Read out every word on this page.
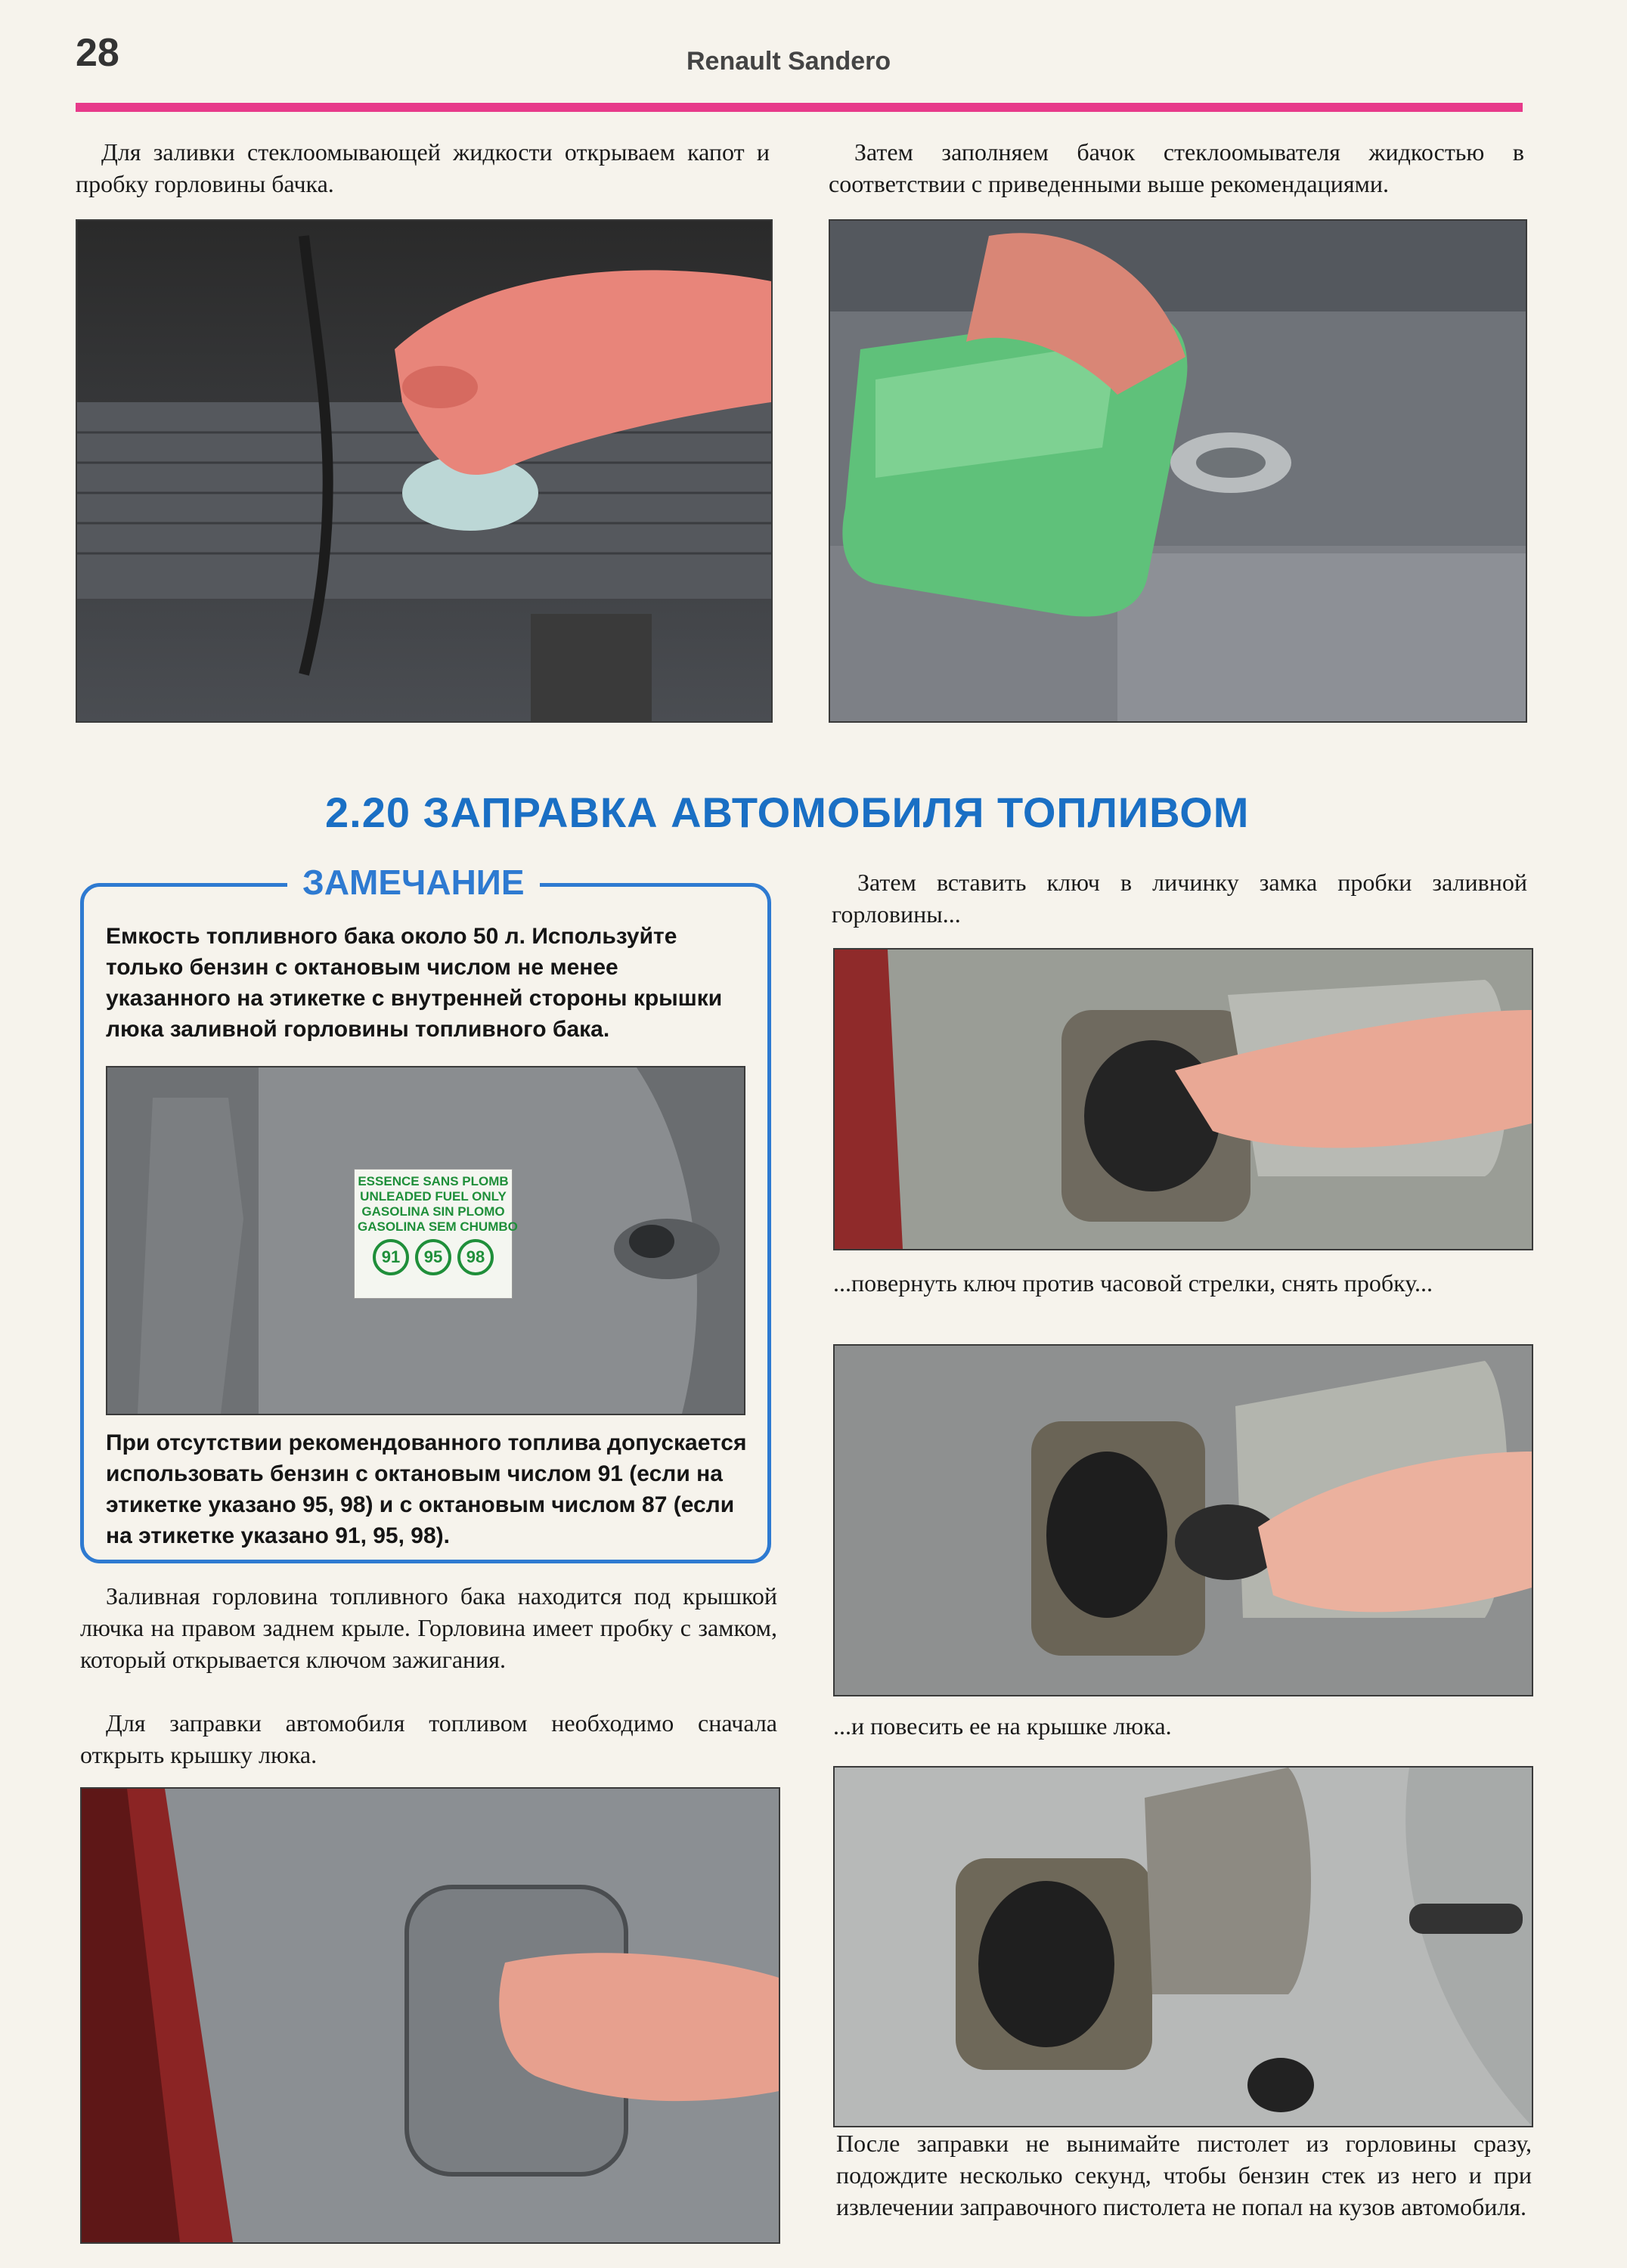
28	Renault Sandero

Для заливки стеклоомывающей жидкости открываем капот и пробку горловины бачка.

Затем заполняем бачок стеклоомывателя жидкостью в соответствии с приведенными выше рекомендациями.

2.20 ЗАПРАВКА АВТОМОБИЛЯ ТОПЛИВОМ
ЗАМЕЧАНИЕ

Емкость топливного бака около 50 л. Используйте только бензин с октановым числом не менее указанного на этикетке с внутренней стороны крышки люка заливной горловины топливного бака.

ESSENCE SANS PLOMB
UNLEADED FUEL ONLY
GASOLINA SIN PLOMO
GASOLINA SEM CHUMBO
91	95	98

При отсутствии рекомендованного топлива допускается использовать бензин с октановым числом 91 (если на этикетке указано 95, 98) и с октановым числом 87 (если на этикетке указано 91, 95, 98).

Заливная горловина топливного бака находится под крышкой лючка на правом заднем крыле. Горловина имеет пробку с замком, который открывается ключом зажигания.

Для заправки автомобиля топливом необходимо сначала открыть крышку люка.

Затем вставить ключ в личинку замка пробки заливной горловины...

...повернуть ключ против часовой стрелки, снять пробку...

...и повесить ее на крышке люка.

После заправки не вынимайте пистолет из горловины сразу, подождите несколько секунд, чтобы бензин стек из него и при извлечении заправочного пистолета не попал на кузов автомобиля.
